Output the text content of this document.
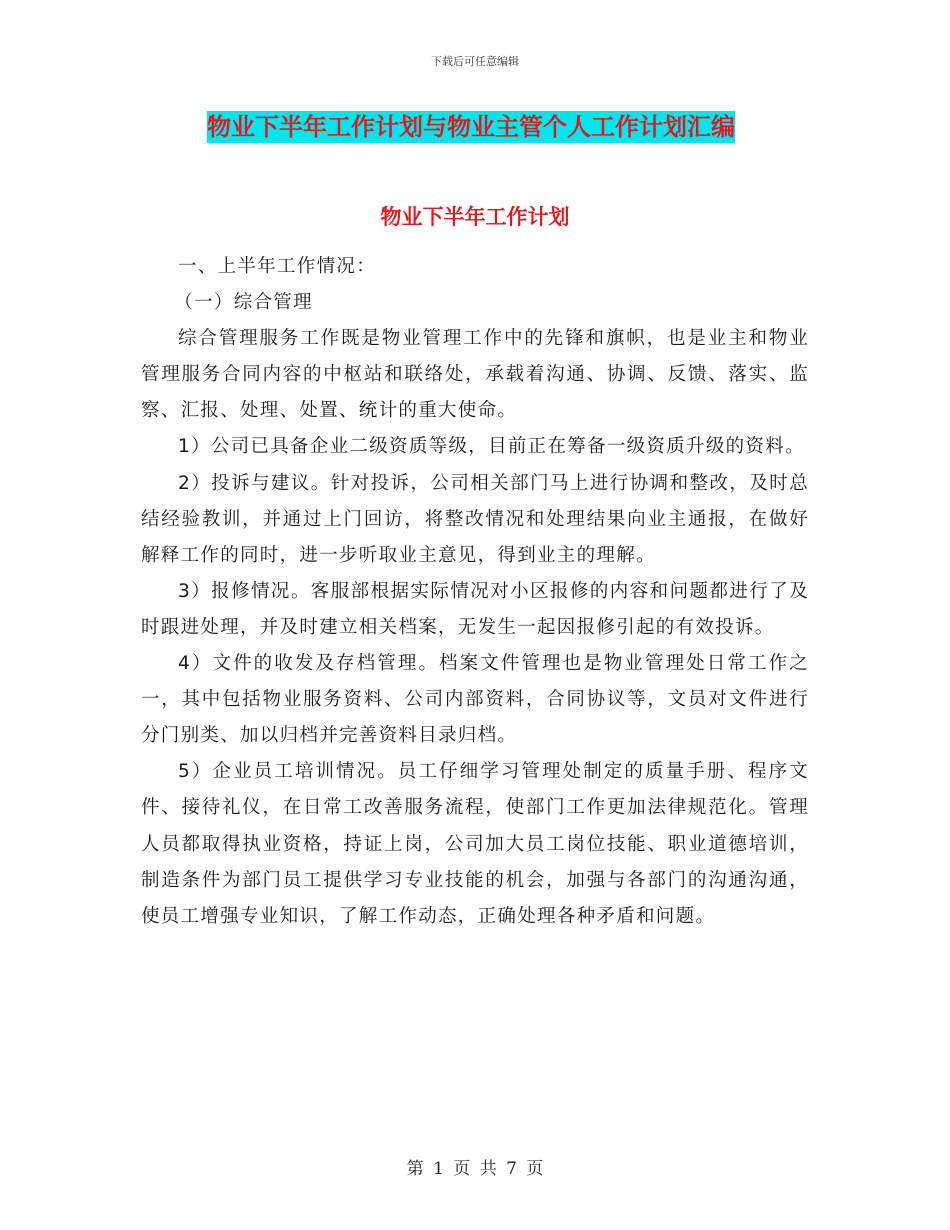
下载后可任意编辑
物业下半年工作计划与物业主管个人工作计划汇编
物业下半年工作计划

一、上半年工作情况：

（一）综合管理

综合管理服务工作既是物业管理工作中的先锋和旗帜，也是业主和物业管理服务合同内容的中枢站和联络处，承载着沟通、协调、反馈、落实、监察、汇报、处理、处置、统计的重大使命。

1）公司已具备企业二级资质等级，目前正在筹备一级资质升级的资料。

2）投诉与建议。针对投诉，公司相关部门马上进行协调和整改，及时总结经验教训，并通过上门回访，将整改情况和处理结果向业主通报，在做好解释工作的同时，进一步听取业主意见，得到业主的理解。

3）报修情况。客服部根据实际情况对小区报修的内容和问题都进行了及时跟进处理，并及时建立相关档案，无发生一起因报修引起的有效投诉。

4）文件的收发及存档管理。档案文件管理也是物业管理处日常工作之一，其中包括物业服务资料、公司内部资料，合同协议等，文员对文件进行分门别类、加以归档并完善资料目录归档。

5）企业员工培训情况。员工仔细学习管理处制定的质量手册、程序文件、接待礼仪，在日常工改善服务流程，使部门工作更加法律规范化。管理人员都取得执业资格，持证上岗，公司加大员工岗位技能、职业道德培训，制造条件为部门员工提供学习专业技能的机会，加强与各部门的沟通沟通，使员工增强专业知识，了解工作动态，正确处理各种矛盾和问题。

第 1 页 共 7 页
